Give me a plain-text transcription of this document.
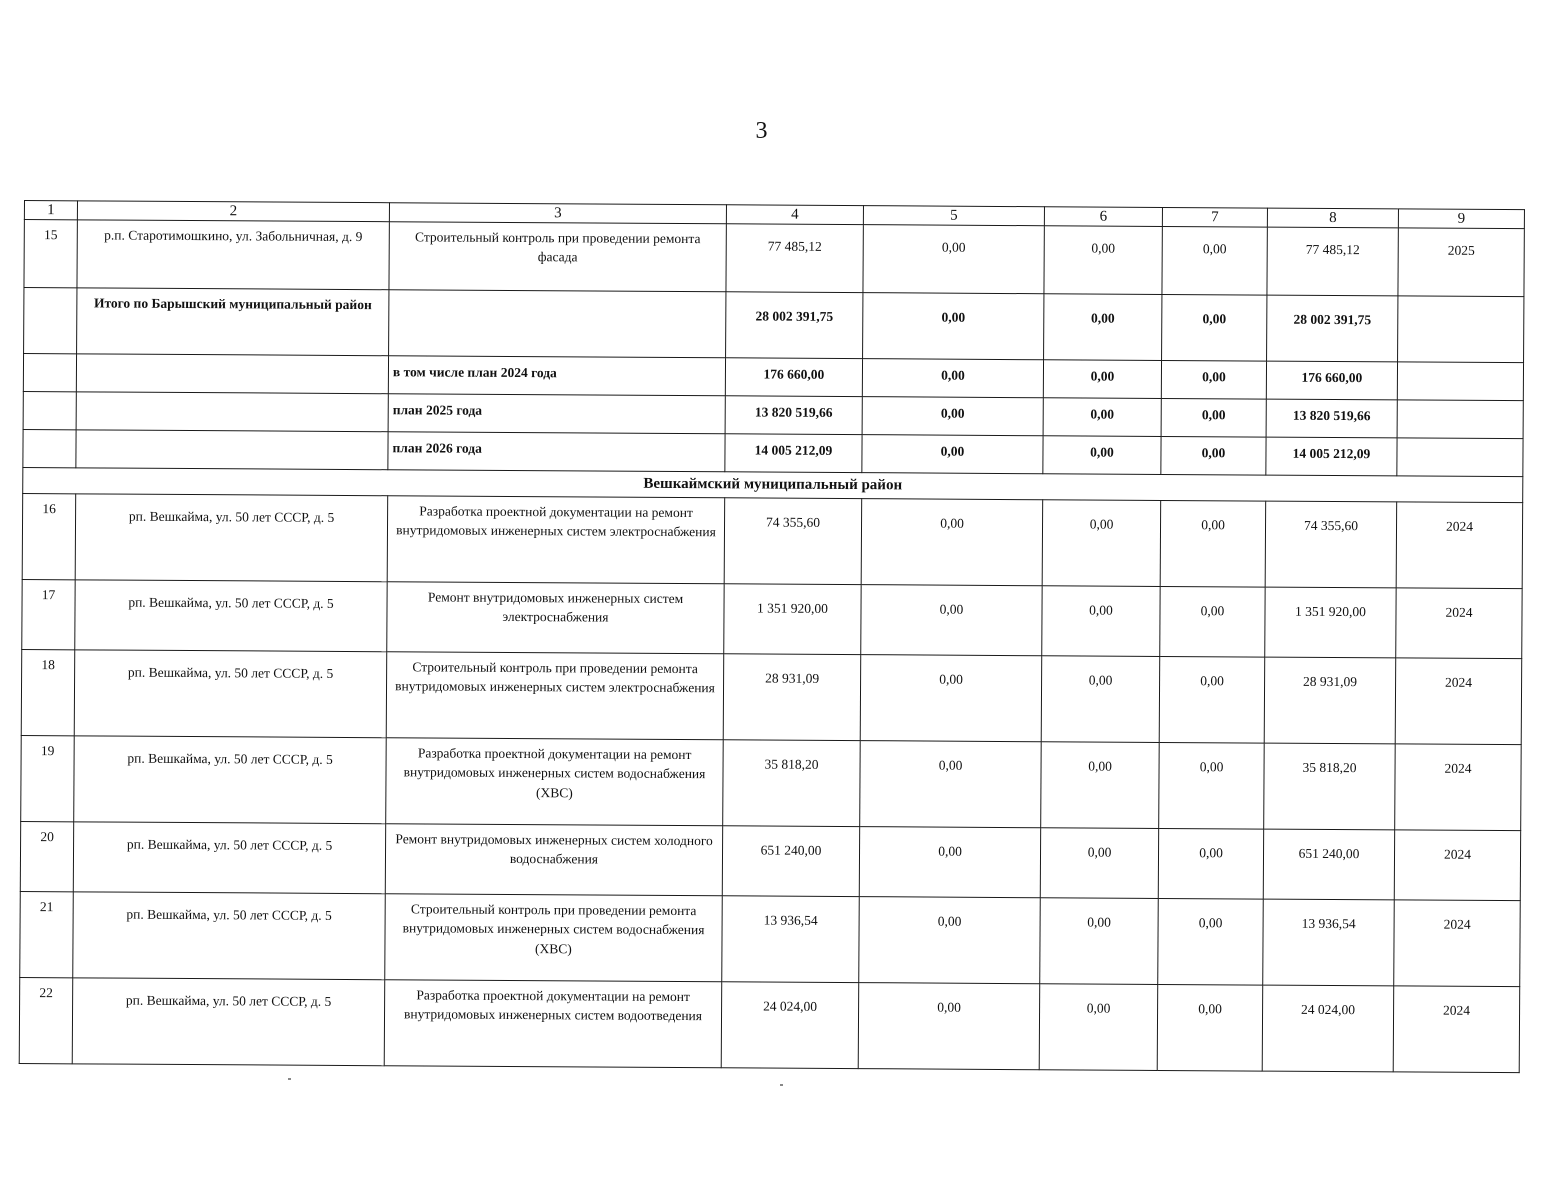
3
1	2	3	4	5	6	7	8	9
15	р.п. Старотимошкино, ул. Забольничная, д. 9	Строительный контроль при проведении ремонта фасада	77 485,12	0,00	0,00	0,00	77 485,12	2025
	Итого по Барышский муниципальный район		28 002 391,75	0,00	0,00	0,00	28 002 391,75	
		в том числе план 2024 года	176 660,00	0,00	0,00	0,00	176 660,00	
		план 2025 года	13 820 519,66	0,00	0,00	0,00	13 820 519,66	
		план 2026 года	14 005 212,09	0,00	0,00	0,00	14 005 212,09	
Вешкаймский муниципальный район								
16	рп. Вешкайма, ул. 50 лет СССР, д. 5	Разработка проектной документации на ремонт внутридомовых инженерных систем электроснабжения	74 355,60	0,00	0,00	0,00	74 355,60	2024
17	рп. Вешкайма, ул. 50 лет СССР, д. 5	Ремонт внутридомовых инженерных систем электроснабжения	1 351 920,00	0,00	0,00	0,00	1 351 920,00	2024
18	рп. Вешкайма, ул. 50 лет СССР, д. 5	Строительный контроль при проведении ремонта внутридомовых инженерных систем электроснабжения	28 931,09	0,00	0,00	0,00	28 931,09	2024
19	рп. Вешкайма, ул. 50 лет СССР, д. 5	Разработка проектной документации на ремонт внутридомовых инженерных систем водоснабжения (ХВС)	35 818,20	0,00	0,00	0,00	35 818,20	2024
20	рп. Вешкайма, ул. 50 лет СССР, д. 5	Ремонт внутридомовых инженерных систем холодного водоснабжения	651 240,00	0,00	0,00	0,00	651 240,00	2024
21	рп. Вешкайма, ул. 50 лет СССР, д. 5	Строительный контроль при проведении ремонта внутридомовых инженерных систем водоснабжения (ХВС)	13 936,54	0,00	0,00	0,00	13 936,54	2024
22	рп. Вешкайма, ул. 50 лет СССР, д. 5	Разработка проектной документации на ремонт внутридомовых инженерных систем водоотведения	24 024,00	0,00	0,00	0,00	24 024,00	2024
